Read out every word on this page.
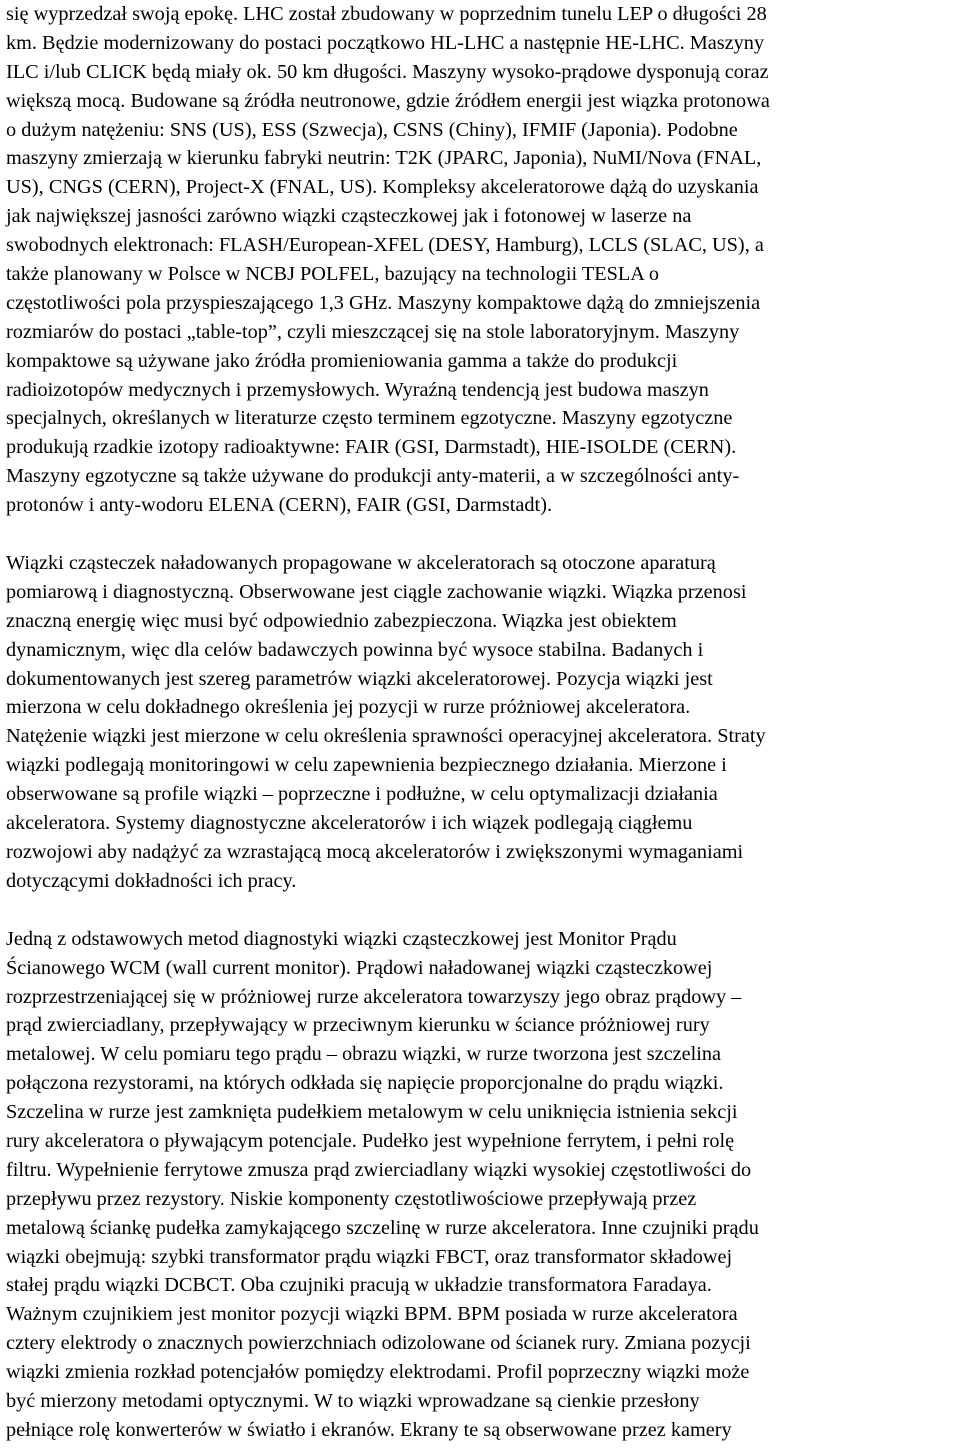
się wyprzedzał swoją epokę. LHC został zbudowany w poprzednim tunelu LEP o długości 28
km. Będzie modernizowany do postaci początkowo HL-LHC a następnie HE-LHC. Maszyny
ILC i/lub CLICK będą miały ok. 50 km długości. Maszyny wysoko-prądowe dysponują coraz
większą mocą. Budowane są źródła neutronowe, gdzie źródłem energii jest wiązka protonowa
o dużym natężeniu: SNS (US), ESS (Szwecja), CSNS (Chiny), IFMIF (Japonia). Podobne
maszyny zmierzają w kierunku fabryki neutrin: T2K (JPARC, Japonia), NuMI/Nova (FNAL,
US), CNGS (CERN), Project-X (FNAL, US). Kompleksy akceleratorowe dążą do uzyskania
jak największej jasności zarówno wiązki cząsteczkowej jak i fotonowej w laserze na
swobodnych elektronach: FLASH/European-XFEL (DESY, Hamburg), LCLS (SLAC, US), a
także planowany w Polsce w NCBJ POLFEL, bazujący na technologii TESLA o
częstotliwości pola przyspieszającego 1,3 GHz. Maszyny kompaktowe dążą do zmniejszenia
rozmiarów do postaci „table-top”, czyli mieszczącej się na stole laboratoryjnym. Maszyny
kompaktowe są używane jako źródła promieniowania gamma a także do produkcji
radioizotopów medycznych i przemysłowych. Wyraźną tendencją jest budowa maszyn
specjalnych, określanych w literaturze często terminem egzotyczne. Maszyny egzotyczne
produkują rzadkie izotopy radioaktywne: FAIR (GSI, Darmstadt), HIE-ISOLDE (CERN).
Maszyny egzotyczne są także używane do produkcji anty-materii, a w szczególności anty-
protonów i anty-wodoru ELENA (CERN), FAIR (GSI, Darmstadt).
Wiązki cząsteczek naładowanych propagowane w akceleratorach są otoczone aparaturą
pomiarową i diagnostyczną. Obserwowane jest ciągle zachowanie wiązki. Wiązka przenosi
znaczną energię więc musi być odpowiednio zabezpieczona. Wiązka jest obiektem
dynamicznym, więc dla celów badawczych powinna być wysoce stabilna. Badanych i
dokumentowanych jest szereg parametrów wiązki akceleratorowej. Pozycja wiązki jest
mierzona w celu dokładnego określenia jej pozycji w rurze próżniowej akceleratora.
Natężenie wiązki jest mierzone w celu określenia sprawności operacyjnej akceleratora. Straty
wiązki podlegają monitoringowi w celu zapewnienia bezpiecznego działania. Mierzone i
obserwowane są profile wiązki – poprzeczne i podłużne, w celu optymalizacji działania
akceleratora. Systemy diagnostyczne akceleratorów i ich wiązek podlegają ciągłemu
rozwojowi aby nadążyć za wzrastającą mocą akceleratorów i zwiększonymi wymaganiami
dotyczącymi dokładności ich pracy.
Jedną z odstawowych metod diagnostyki wiązki cząsteczkowej jest Monitor Prądu
Ścianowego WCM (wall current monitor). Prądowi naładowanej wiązki cząsteczkowej
rozprzestrzeniającej się w próżniowej rurze akceleratora towarzyszy jego obraz prądowy –
prąd zwierciadlany, przepływający w przeciwnym kierunku w ściance próżniowej rury
metalowej. W celu pomiaru tego prądu – obrazu wiązki, w rurze tworzona jest szczelina
połączona rezystorami, na których odkłada się napięcie proporcjonalne do prądu wiązki.
Szczelina w rurze jest zamknięta pudełkiem metalowym w celu uniknięcia istnienia sekcji
rury akceleratora o pływającym potencjale. Pudełko jest wypełnione ferrytem, i pełni rolę
filtru. Wypełnienie ferrytowe zmusza prąd zwierciadlany wiązki wysokiej częstotliwości do
przepływu przez rezystory. Niskie komponenty częstotliwościowe przepływają przez
metalową ściankę pudełka zamykającego szczelinę w rurze akceleratora. Inne czujniki prądu
wiązki obejmują: szybki transformator prądu wiązki FBCT, oraz transformator składowej
stałej prądu wiązki DCBCT. Oba czujniki pracują w układzie transformatora Faradaya.
Ważnym czujnikiem jest monitor pozycji wiązki BPM. BPM posiada w rurze akceleratora
cztery elektrody o znacznych powierzchniach odizolowane od ścianek rury. Zmiana pozycji
wiązki zmienia rozkład potencjałów pomiędzy elektrodami. Profil poprzeczny wiązki może
być mierzony metodami optycznymi. W to wiązki wprowadzane są cienkie przesłony
pełniące rolę konwerterów w światło i ekranów. Ekrany te są obserwowane przez kamery
